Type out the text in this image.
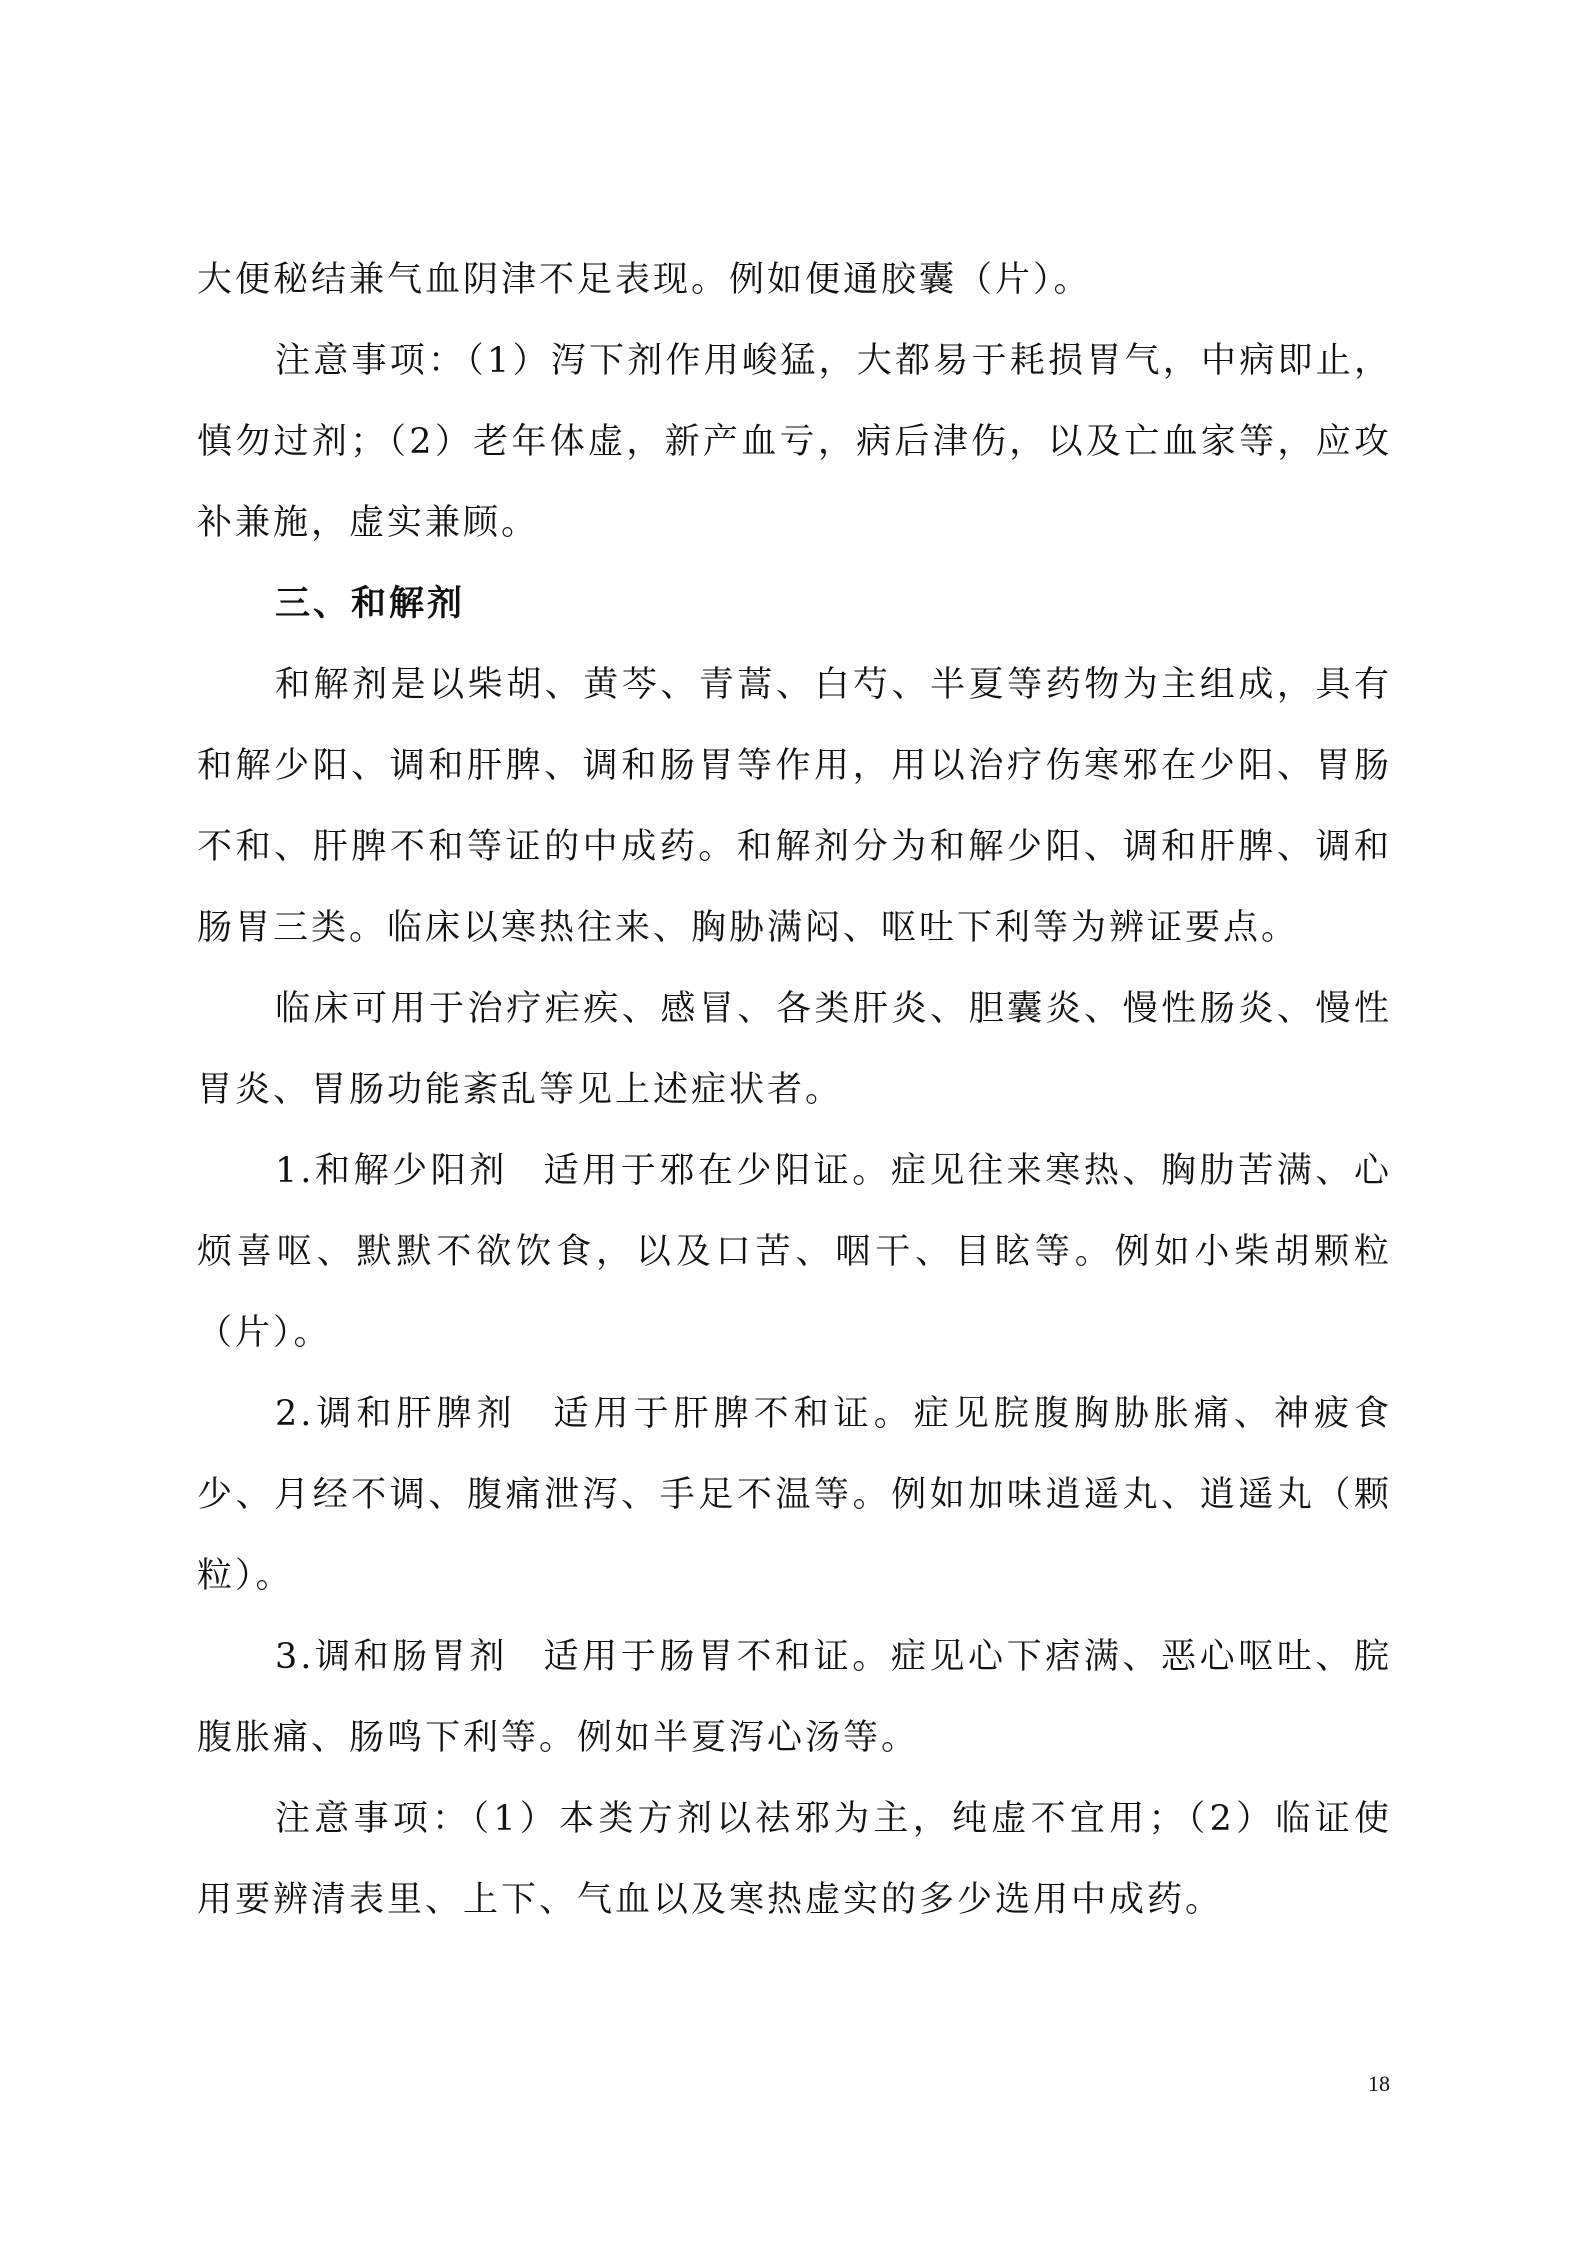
大便秘结兼气血阴津不足表现。例如便通胶囊（片）。

注意事项：（1）泻下剂作用峻猛，大都易于耗损胃气，中病即止，慎勿过剂；（2）老年体虚，新产血亏，病后津伤，以及亡血家等，应攻补兼施，虚实兼顾。

三、和解剂

和解剂是以柴胡、黄芩、青蒿、白芍、半夏等药物为主组成，具有和解少阳、调和肝脾、调和肠胃等作用，用以治疗伤寒邪在少阳、胃肠不和、肝脾不和等证的中成药。和解剂分为和解少阳、调和肝脾、调和肠胃三类。临床以寒热往来、胸胁满闷、呕吐下利等为辨证要点。

临床可用于治疗疟疾、感冒、各类肝炎、胆囊炎、慢性肠炎、慢性胃炎、胃肠功能紊乱等见上述症状者。

1.和解少阳剂 适用于邪在少阳证。症见往来寒热、胸肋苦满、心烦喜呕、默默不欲饮食，以及口苦、咽干、目眩等。例如小柴胡颗粒（片）。

2.调和肝脾剂 适用于肝脾不和证。症见脘腹胸胁胀痛、神疲食少、月经不调、腹痛泄泻、手足不温等。例如加味逍遥丸、逍遥丸（颗粒）。

3.调和肠胃剂 适用于肠胃不和证。症见心下痞满、恶心呕吐、脘腹胀痛、肠鸣下利等。例如半夏泻心汤等。

注意事项：（1）本类方剂以祛邪为主，纯虚不宜用；（2）临证使用要辨清表里、上下、气血以及寒热虚实的多少选用中成药。

18
